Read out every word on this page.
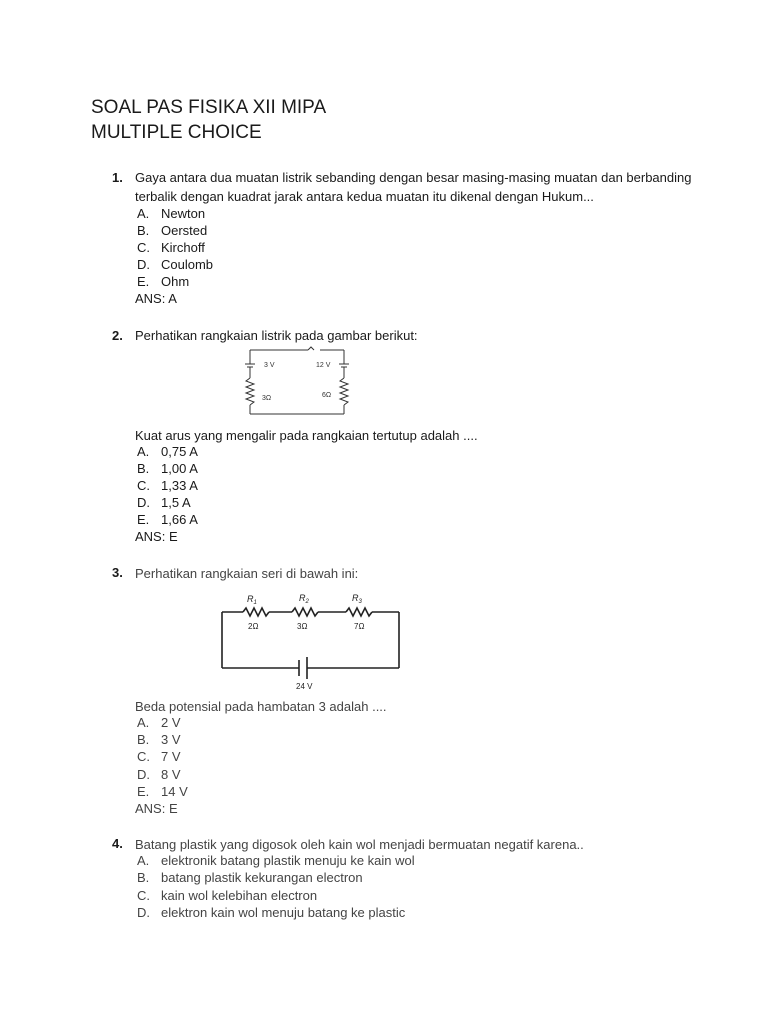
SOAL PAS FISIKA XII MIPA
MULTIPLE CHOICE
1. Gaya antara dua muatan listrik sebanding dengan besar masing-masing muatan dan berbanding
terbalik dengan kuadrat jarak antara kedua muatan itu dikenal dengan Hukum...
A. Newton
B. Oersted
C. Kirchoff
D. Coulomb
E. Ohm
ANS: A
2. Perhatikan rangkaian listrik pada gambar berikut:
3 V	12 V
3Ω	6Ω
Kuat arus yang mengalir pada rangkaian tertutup adalah ....
A. 0,75 A
B. 1,00 A
C. 1,33 A
D. 1,5 A
E. 1,66 A
ANS: E
3. Perhatikan rangkaian seri di bawah ini:
$R_1$	$R_2$	$R_3$
2Ω	3Ω	7Ω
24 V
Beda potensial pada hambatan 3 adalah ....
A. 2 V
B. 3 V
C. 7 V
D. 8 V
E. 14 V
ANS: E
4. Batang plastik yang digosok oleh kain wol menjadi bermuatan negatif karena..
A. elektronik batang plastik menuju ke kain wol
B. batang plastik kekurangan electron
C. kain wol kelebihan electron
D. elektron kain wol menuju batang ke plastic
